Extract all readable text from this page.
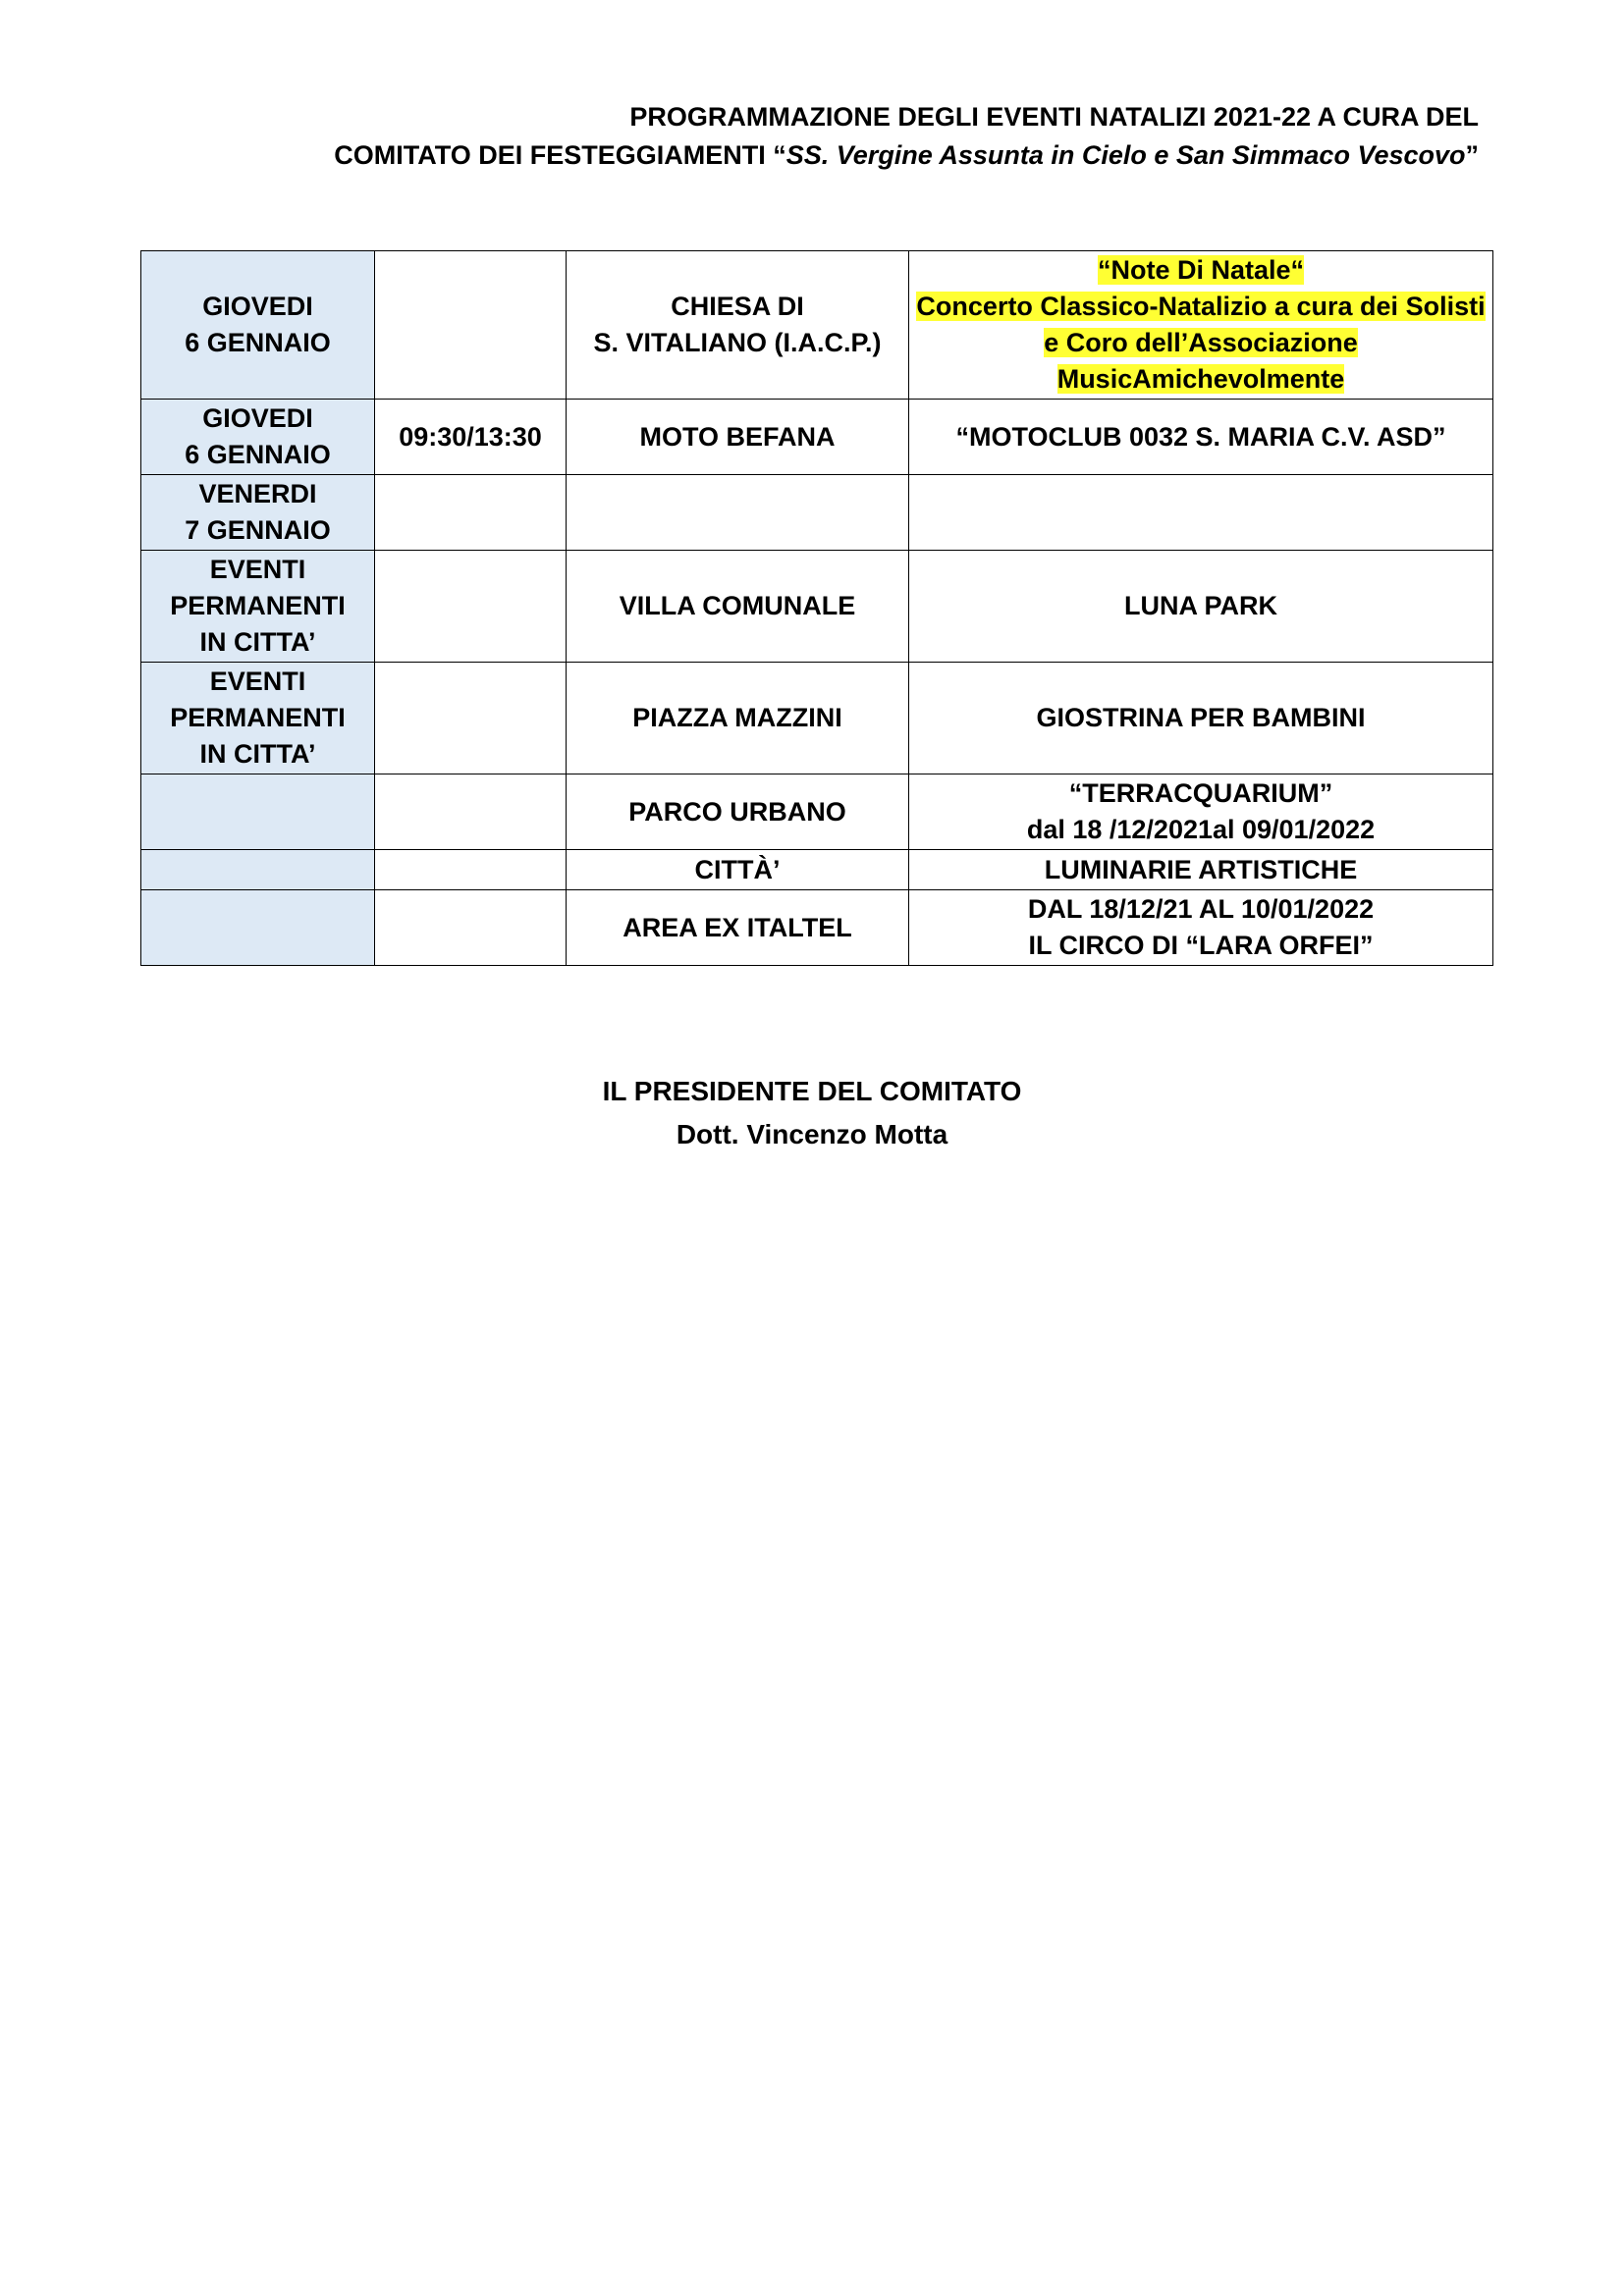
PROGRAMMAZIONE DEGLI EVENTI NATALIZI 2021-22 A CURA DEL
COMITATO DEI FESTEGGIAMENTI “SS. Vergine Assunta in Cielo e San Simmaco Vescovo”
GIOVEDI
6 GENNAIO		CHIESA DI
S. VITALIANO (I.A.C.P.)	“Note Di Natale“
Concerto Classico-Natalizio a cura dei Solisti
e Coro dell’Associazione
MusicAmichevolmente
GIOVEDI
6 GENNAIO	09:30/13:30	MOTO BEFANA	“MOTOCLUB 0032 S. MARIA C.V. ASD”
VENERDI
7 GENNAIO			
EVENTI
PERMANENTI
IN CITTA’		VILLA COMUNALE	LUNA PARK
EVENTI
PERMANENTI
IN CITTA’		PIAZZA MAZZINI	GIOSTRINA PER BAMBINI
		PARCO URBANO	“TERRACQUARIUM”
dal 18 /12/2021al 09/01/2022
		CITTÀ’	LUMINARIE ARTISTICHE
		AREA EX ITALTEL	DAL 18/12/21 AL 10/01/2022
IL CIRCO DI “LARA ORFEI”
IL PRESIDENTE DEL COMITATO
Dott. Vincenzo Motta
